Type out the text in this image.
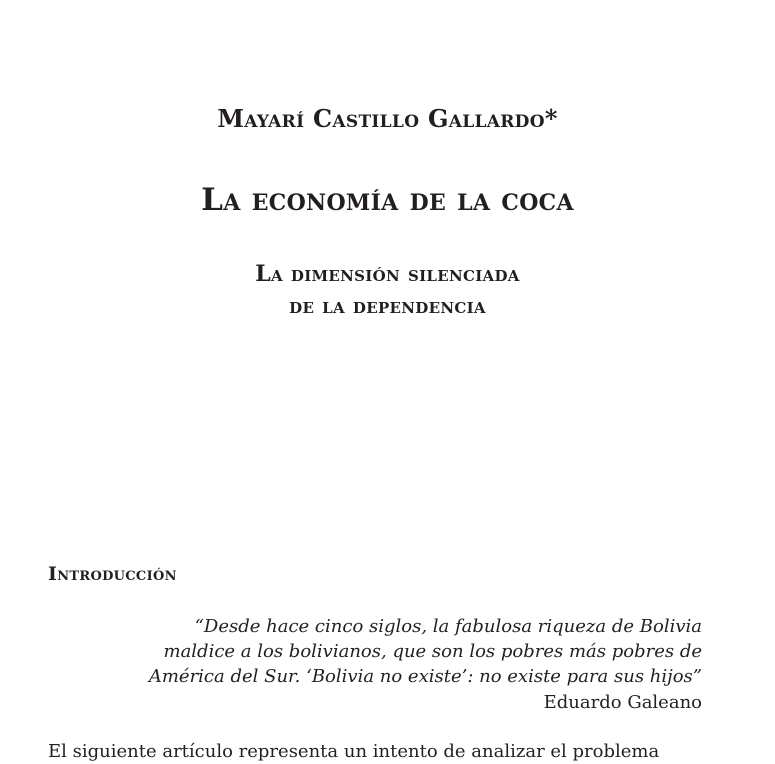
Mayarí Castillo Gallardo*
La economía de la coca
La dimensión silenciada
de la dependencia
Introducción
“Desde hace cinco siglos, la fabulosa riqueza de Bolivia
maldice a los bolivianos, que son los pobres más pobres de
América del Sur. ‘Bolivia no existe’: no existe para sus hijos”
Eduardo Galeano
El siguiente artículo representa un intento de analizar el problema
